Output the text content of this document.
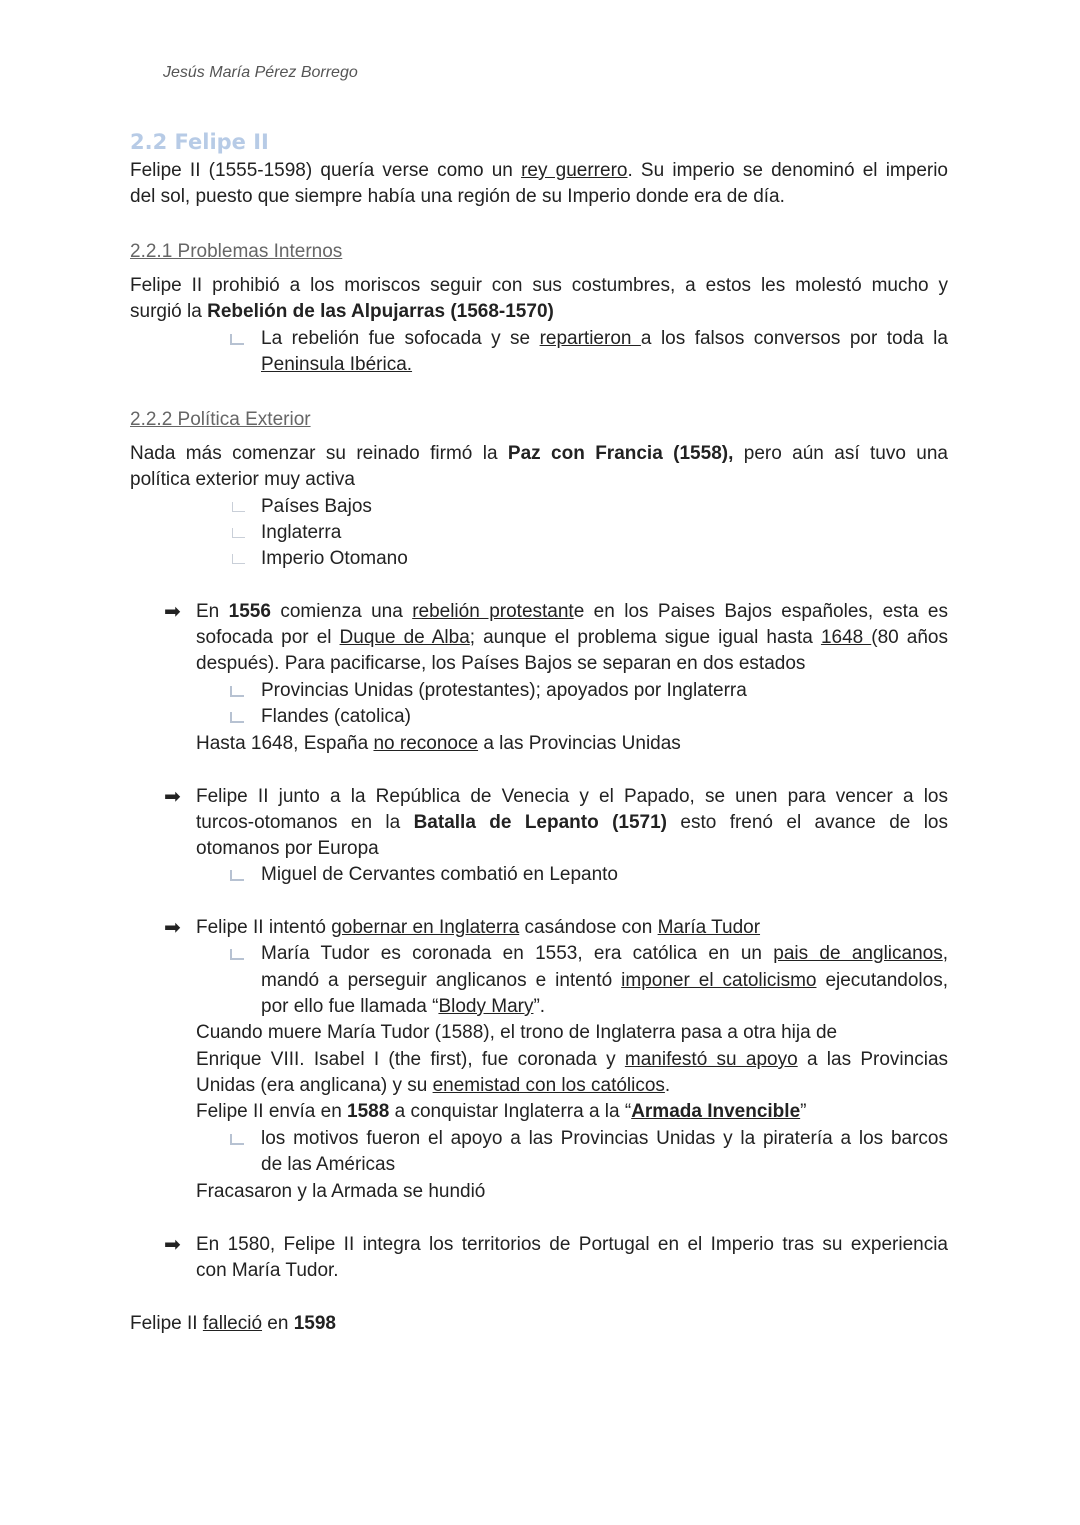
Jesús María Pérez Borrego
2.2 Felipe II
Felipe II (1555-1598) quería verse como un rey guerrero. Su imperio se denominó el imperio
del sol, puesto que siempre había una región de su Imperio donde era de día.
2.2.1 Problemas Internos
Felipe II prohibió a los moriscos seguir con sus costumbres, a estos les molestó mucho y
surgió la Rebelión de las Alpujarras (1568-1570)
La rebelión fue sofocada y se repartieron a los falsos conversos por toda la
Peninsula Ibérica.
2.2.2 Política Exterior
Nada más comenzar su reinado firmó la Paz con Francia (1558), pero aún así tuvo una
política exterior muy activa
Países Bajos
Inglaterra
Imperio Otomano
➡ En 1556 comienza una rebelión protestante en los Paises Bajos españoles, esta es
sofocada por el Duque de Alba; aunque el problema sigue igual hasta 1648 (80 años
después). Para pacificarse, los Países Bajos se separan en dos estados
Provincias Unidas (protestantes); apoyados por Inglaterra
Flandes (catolica)
Hasta 1648, España no reconoce a las Provincias Unidas
➡ Felipe II junto a la República de Venecia y el Papado, se unen para vencer a los
turcos-otomanos en la Batalla de Lepanto (1571) esto frenó el avance de los
otomanos por Europa
Miguel de Cervantes combatió en Lepanto
➡ Felipe II intentó gobernar en Inglaterra casándose con María Tudor
María Tudor es coronada en 1553, era católica en un pais de anglicanos,
mandó a perseguir anglicanos e intentó imponer el catolicismo ejecutandolos,
por ello fue llamada “Blody Mary”.
Cuando muere María Tudor (1588), el trono de Inglaterra pasa a otra hija de
Enrique VIII. Isabel I (the first), fue coronada y manifestó su apoyo a las Provincias
Unidas (era anglicana) y su enemistad con los católicos.
Felipe II envía en 1588 a conquistar Inglaterra a la “Armada Invencible”
los motivos fueron el apoyo a las Provincias Unidas y la piratería a los barcos
de las Américas
Fracasaron y la Armada se hundió
➡ En 1580, Felipe II integra los territorios de Portugal en el Imperio tras su experiencia
con María Tudor.
Felipe II falleció en 1598
